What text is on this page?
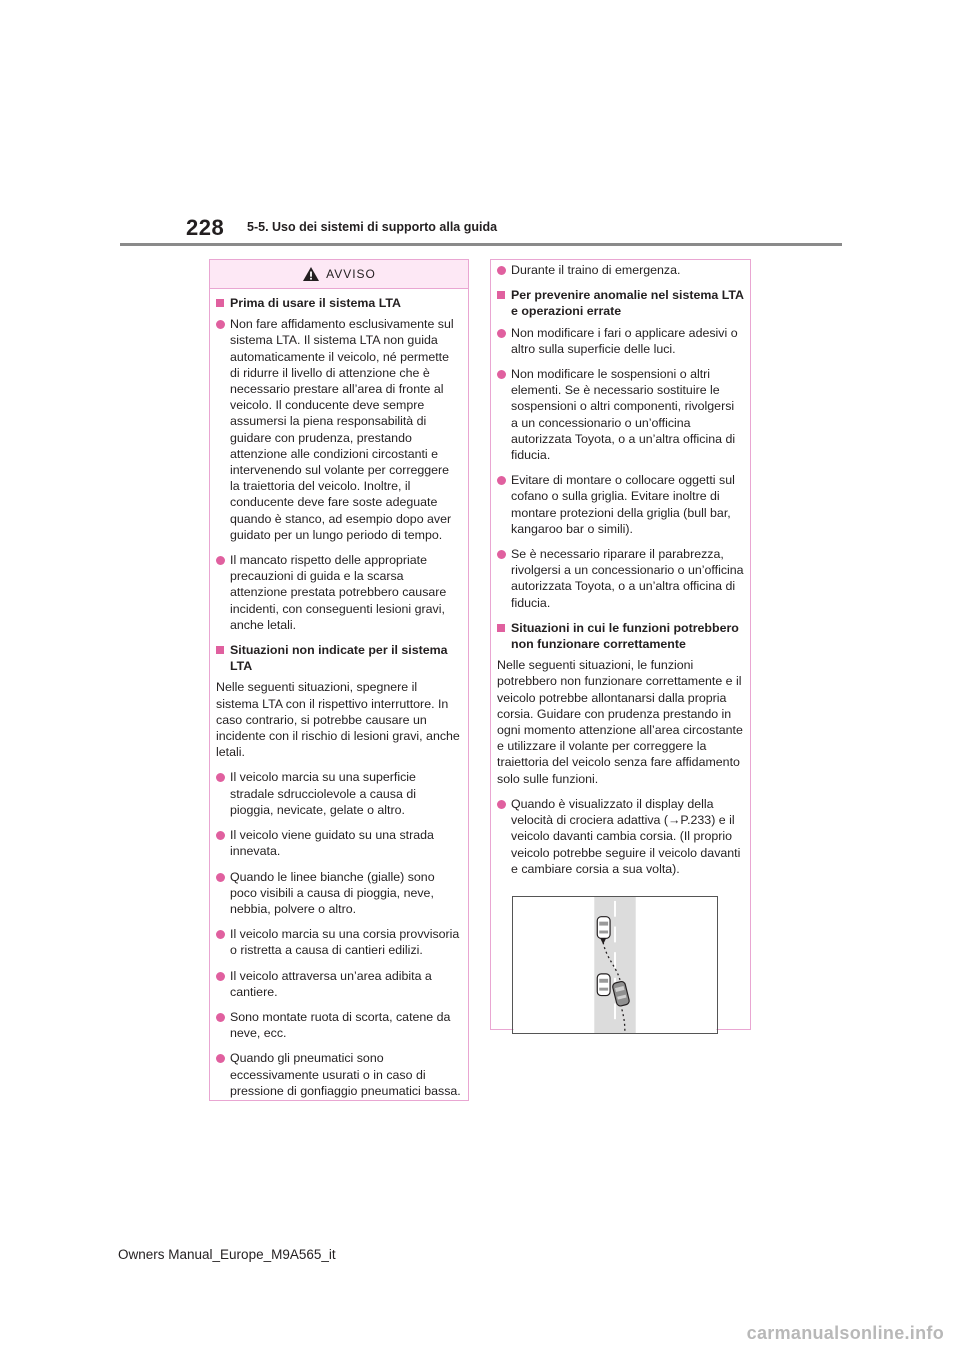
228 5-5. Uso dei sistemi di supporto alla guida
AVVISO
Prima di usare il sistema LTA
Non fare affidamento esclusivamente sul sistema LTA. Il sistema LTA non guida automaticamente il veicolo, né permette di ridurre il livello di attenzione che è necessario prestare all’area di fronte al veicolo. Il conducente deve sempre assumersi la piena responsabilità di guidare con prudenza, prestando attenzione alle condizioni circostanti e intervenendo sul volante per correggere la traiettoria del veicolo. Inoltre, il conducente deve fare soste adeguate quando è stanco, ad esempio dopo aver guidato per un lungo periodo di tempo.
Il mancato rispetto delle appropriate precauzioni di guida e la scarsa attenzione prestata potrebbero causare incidenti, con conseguenti lesioni gravi, anche letali.
Situazioni non indicate per il sistema LTA

Nelle seguenti situazioni, spegnere il sistema LTA con il rispettivo interruttore. In caso contrario, si potrebbe causare un incidente con il rischio di lesioni gravi, anche letali.

Il veicolo marcia su una superficie stradale sdrucciolevole a causa di pioggia, nevicate, gelate o altro.
Il veicolo viene guidato su una strada innevata.
Quando le linee bianche (gialle) sono poco visibili a causa di pioggia, neve, nebbia, polvere o altro.
Il veicolo marcia su una corsia provvisoria o ristretta a causa di cantieri edilizi.
Il veicolo attraversa un’area adibita a cantiere.
Sono montate ruota di scorta, catene da neve, ecc.
Quando gli pneumatici sono eccessivamente usurati o in caso di pressione di gonfiaggio pneumatici bassa.
Durante il traino di emergenza.
Per prevenire anomalie nel sistema LTA e operazioni errate
Non modificare i fari o applicare adesivi o altro sulla superficie delle luci.
Non modificare le sospensioni o altri elementi. Se è necessario sostituire le sospensioni o altri componenti, rivolgersi a un concessionario o un’officina autorizzata Toyota, o a un’altra officina di fiducia.
Evitare di montare o collocare oggetti sul cofano o sulla griglia. Evitare inoltre di montare protezioni della griglia (bull bar, kangaroo bar o simili).
Se è necessario riparare il parabrezza, rivolgersi a un concessionario o un’officina autorizzata Toyota, o a un’altra officina di fiducia.
Situazioni in cui le funzioni potrebbero non funzionare correttamente

Nelle seguenti situazioni, le funzioni potrebbero non funzionare correttamente e il veicolo potrebbe allontanarsi dalla propria corsia. Guidare con prudenza prestando in ogni momento attenzione all’area circostante e utilizzare il volante per correggere la traiettoria del veicolo senza fare affidamento solo sulle funzioni.

Quando è visualizzato il display della velocità di crociera adattiva (→P.233) e il veicolo davanti cambia corsia. (Il proprio veicolo potrebbe seguire il veicolo davanti e cambiare corsia a sua volta).
Owners Manual_Europe_M9A565_it
carmanualsonline.info
